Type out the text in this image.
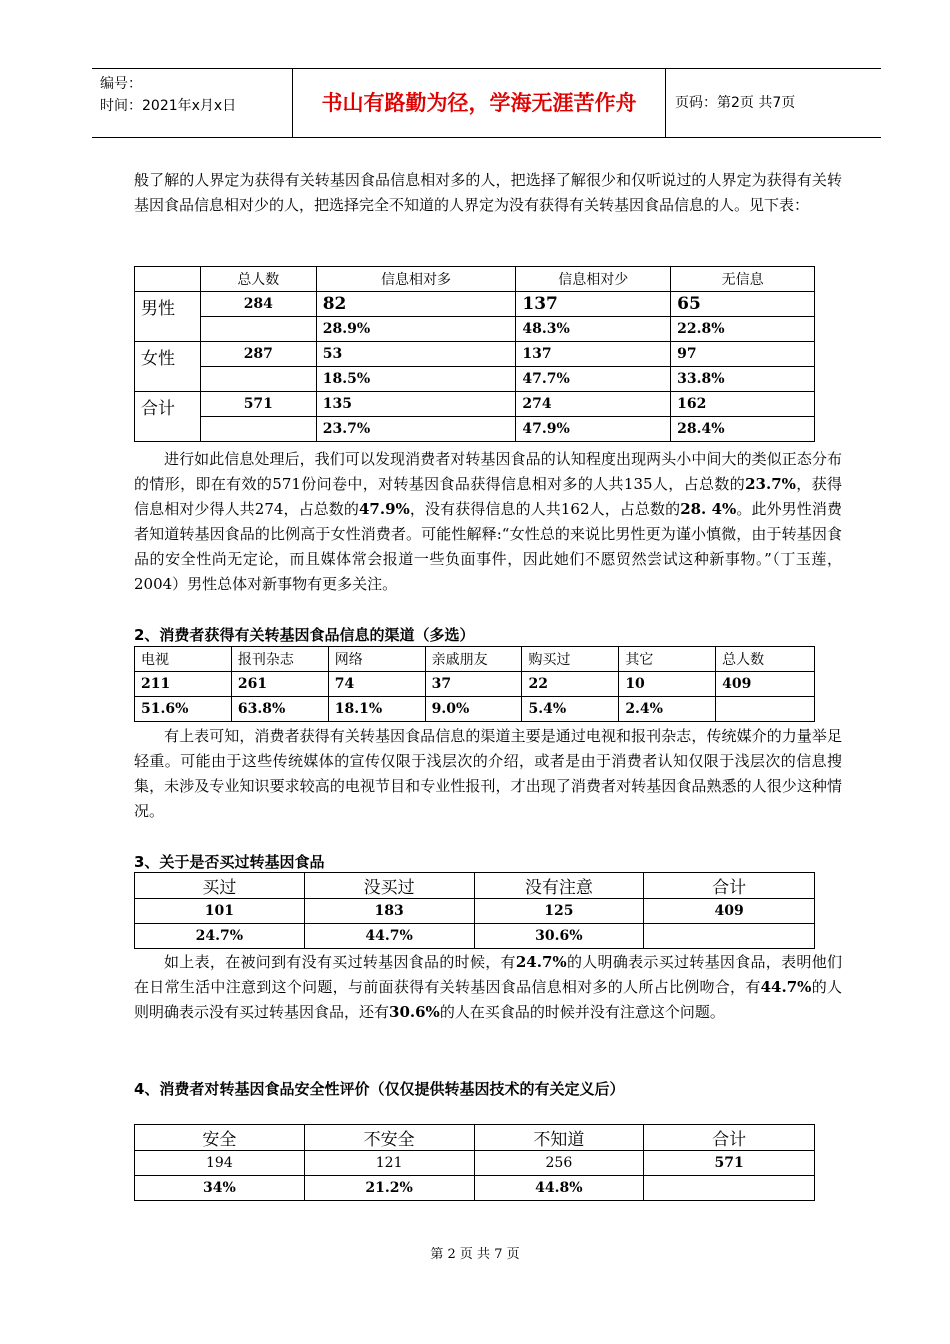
编号：
时间：2021年x月x日	书山有路勤为径，学海无涯苦作舟	页码：第2页 共7页

般了解的人界定为获得有关转基因食品信息相对多的人，把选择了解很少和仅听说过的人界定为获得有关转基因食品信息相对少的人，把选择完全不知道的人界定为没有获得有关转基因食品信息的人。见下表：

	总人数	信息相对多	信息相对少	无信息
男性	284	82	137	65
		28.9%	48.3%	22.8%
女性	287	53	137	97
		18.5%	47.7%	33.8%
合计	571	135	274	162
		23.7%	47.9%	28.4%

进行如此信息处理后，我们可以发现消费者对转基因食品的认知程度出现两头小中间大的类似正态分布的情形，即在有效的571份问卷中，对转基因食品获得信息相对多的人共135人，占总数的23.7%，获得信息相对少得人共274，占总数的47.9%，没有获得信息的人共162人，占总数的28. 4%。此外男性消费者知道转基因食品的比例高于女性消费者。可能性解释:“女性总的来说比男性更为谨小慎微，由于转基因食品的安全性尚无定论，而且媒体常会报道一些负面事件，因此她们不愿贸然尝试这种新事物。”（丁玉莲，2004）男性总体对新事物有更多关注。

2、消费者获得有关转基因食品信息的渠道（多选）
电视	报刊杂志	网络	亲戚朋友	购买过	其它	总人数
211	261	74	37	22	10	409
51.6%	63.8%	18.1%	9.0%	5.4%	2.4%	

有上表可知，消费者获得有关转基因食品信息的渠道主要是通过电视和报刊杂志，传统媒介的力量举足轻重。可能由于这些传统媒体的宣传仅限于浅层次的介绍，或者是由于消费者认知仅限于浅层次的信息搜集，未涉及专业知识要求较高的电视节目和专业性报刊，才出现了消费者对转基因食品熟悉的人很少这种情况。

3、关于是否买过转基因食品
买过	没买过	没有注意	合计
101	183	125	409
24.7%	44.7%	30.6%	

如上表，在被问到有没有买过转基因食品的时候，有24.7%的人明确表示买过转基因食品，表明他们在日常生活中注意到这个问题，与前面获得有关转基因食品信息相对多的人所占比例吻合，有44.7%的人则明确表示没有买过转基因食品，还有30.6%的人在买食品的时候并没有注意这个问题。

4、消费者对转基因食品安全性评价（仅仅提供转基因技术的有关定义后）
安全	不安全	不知道	合计
194	121	256	571
34%	21.2%	44.8%	
第 2 页 共 7 页
